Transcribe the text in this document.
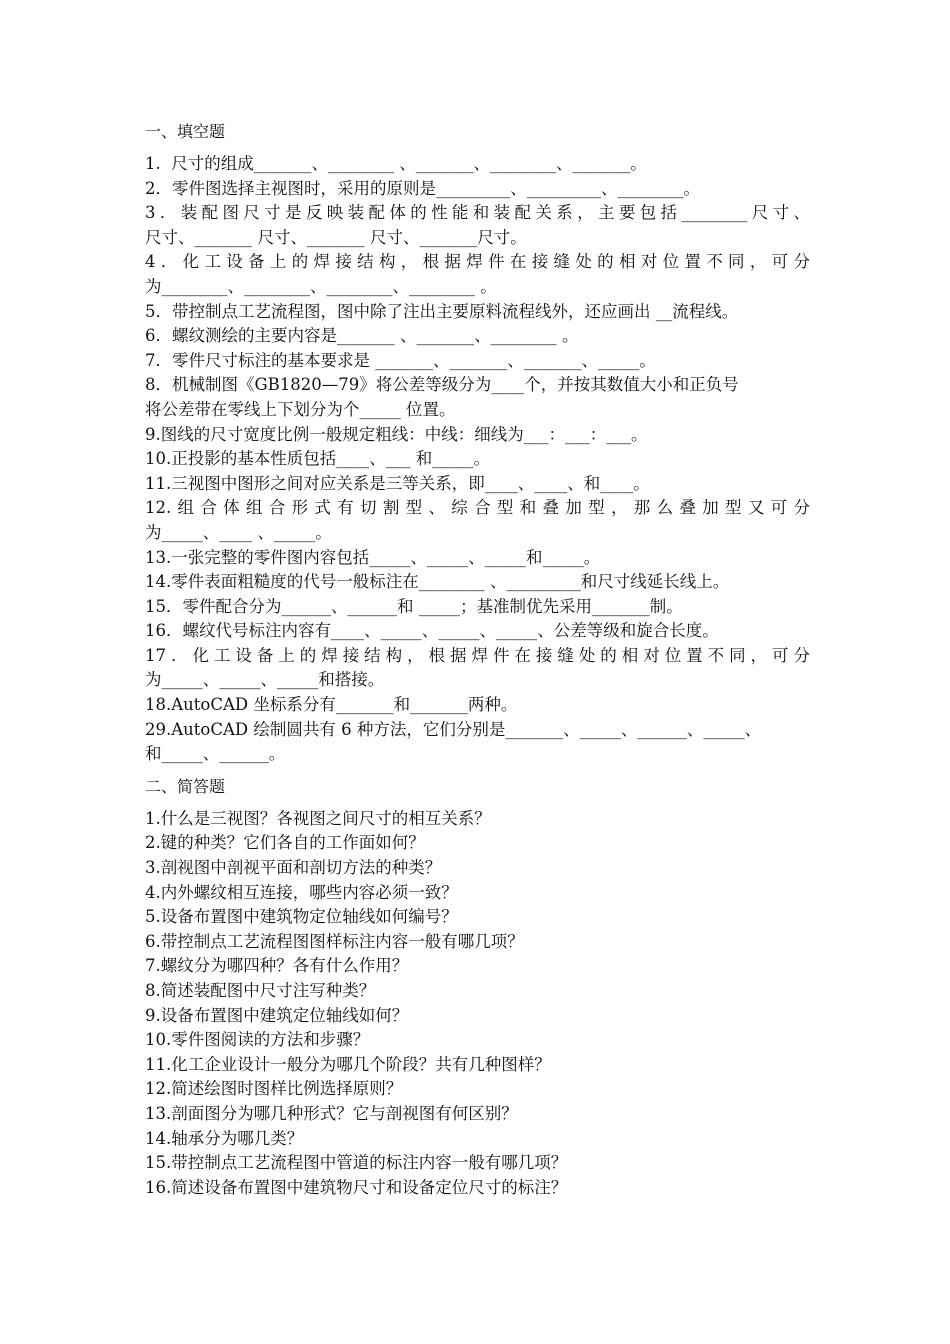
一、填空题
1.  尺寸的组成_______、________ 、_______、________、_______。
2．零件图选择主视图时，采用的原则是_________、_________、________。
3．装配图尺寸是反映装配体的性能和装配关系，主要包括________尺寸、
尺寸、_______ 尺寸、_______ 尺寸、_______尺寸。
4．化工设备上的焊接结构，根据焊件在接缝处的相对位置不同，可分
为________、________、________、________ 。
5．带控制点工艺流程图，图中除了注出主要原料流程线外，还应画出 __流程线。
6．螺纹测绘的主要内容是_______ 、_______、________ 。
7．零件尺寸标注的基本要求是 _______、_______、_______、_____。
8．机械制图《GB1820—79》将公差等级分为____个，并按其数值大小和正负号
将公差带在零线上下划分为个_____ 位置。
9.图线的尺寸宽度比例一般规定粗线：中线：细线为___：___：___。
10.正投影的基本性质包括____、___ 和_____。
11.三视图中图形之间对应关系是三等关系，即____、____、和____。
12.组合体组合形式有切割型、综合型和叠加型，那么叠加型又可分
为_____、____ 、_____。
13.一张完整的零件图内容包括_____、_____、_____和_____。
14.零件表面粗糙度的代号一般标注在________ 、_________和尺寸线延长线上。
15．零件配合分为______、______和 _____；基准制优先采用_______制。
16．螺纹代号标注内容有____、_____、_____、_____、公差等级和旋合长度。
17．化工设备上的焊接结构，根据焊件在接缝处的相对位置不同，可分
为_____、_____、_____和搭接。
18.AutoCAD 坐标系分有_______和_______两种。
29.AutoCAD 绘制圆共有 6 种方法，它们分别是_______、_____、______、_____、
和_____、______。
二、简答题
1.什么是三视图？各视图之间尺寸的相互关系？
2.键的种类？它们各自的工作面如何？
3.剖视图中剖视平面和剖切方法的种类？
4.内外螺纹相互连接，哪些内容必须一致？
5.设备布置图中建筑物定位轴线如何编号？
6.带控制点工艺流程图图样标注内容一般有哪几项？
7.螺纹分为哪四种？各有什么作用？
8.简述装配图中尺寸注写种类？
9.设备布置图中建筑定位轴线如何？
10.零件图阅读的方法和步骤？
11.化工企业设计一般分为哪几个阶段？共有几种图样？
12.简述绘图时图样比例选择原则？
13.剖面图分为哪几种形式？它与剖视图有何区别？
14.轴承分为哪几类？
15.带控制点工艺流程图中管道的标注内容一般有哪几项？
16.简述设备布置图中建筑物尺寸和设备定位尺寸的标注？
